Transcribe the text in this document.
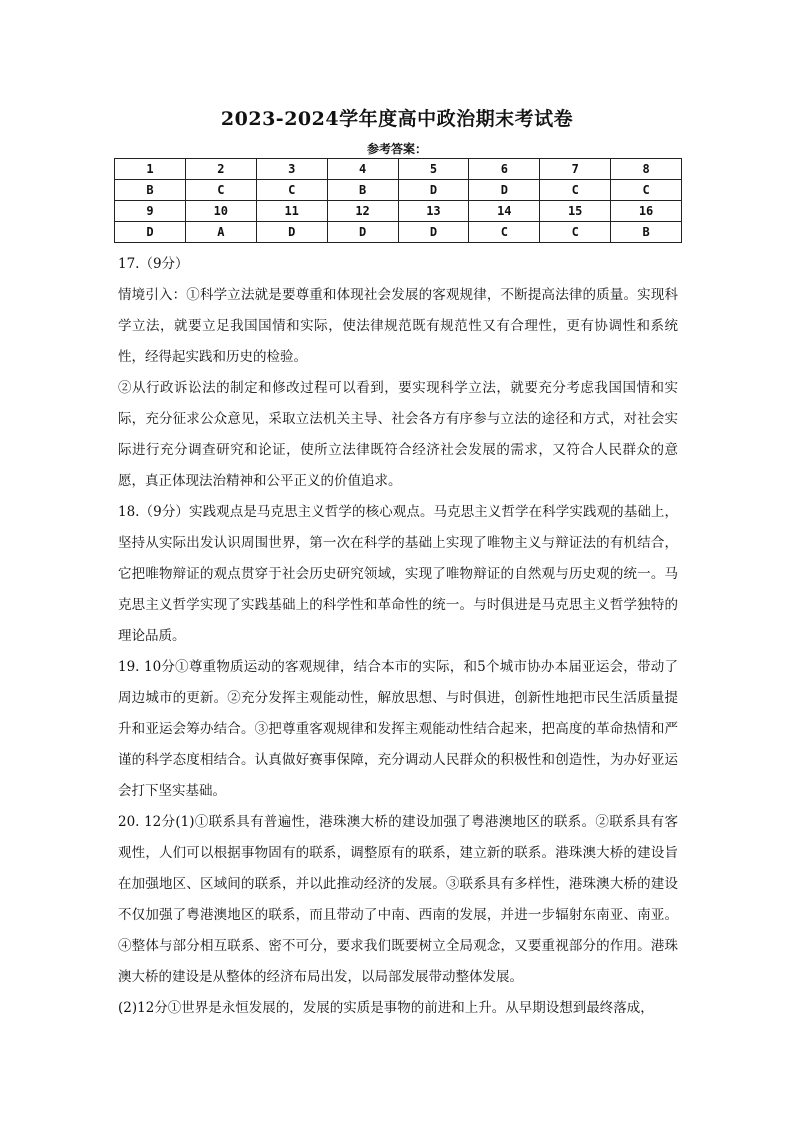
2023-2024学年度高中政治期末考试卷
参考答案：
1	2	3	4	5	6	7	8
B	C	C	B	D	D	C	C
9	10	11	12	13	14	15	16
D	A	D	D	D	C	C	B

17.（9分）

情境引入：①科学立法就是要尊重和体现社会发展的客观规律，不断提高法律的质量。实现科学立法，就要立足我国国情和实际，使法律规范既有规范性又有合理性，更有协调性和系统性，经得起实践和历史的检验。

②从行政诉讼法的制定和修改过程可以看到，要实现科学立法，就要充分考虑我国国情和实际，充分征求公众意见，采取立法机关主导、社会各方有序参与立法的途径和方式，对社会实际进行充分调查研究和论证，使所立法律既符合经济社会发展的需求，又符合人民群众的意愿，真正体现法治精神和公平正义的价值追求。

18.（9分）实践观点是马克思主义哲学的核心观点。马克思主义哲学在科学实践观的基础上，坚持从实际出发认识周围世界，第一次在科学的基础上实现了唯物主义与辩证法的有机结合，它把唯物辩证的观点贯穿于社会历史研究领域，实现了唯物辩证的自然观与历史观的统一。马克思主义哲学实现了实践基础上的科学性和革命性的统一。与时俱进是马克思主义哲学独特的理论品质。

19. 10分①尊重物质运动的客观规律，结合本市的实际，和5个城市协办本届亚运会，带动了周边城市的更新。②充分发挥主观能动性，解放思想、与时俱进，创新性地把市民生活质量提升和亚运会筹办结合。③把尊重客观规律和发挥主观能动性结合起来，把高度的革命热情和严谨的科学态度相结合。认真做好赛事保障，充分调动人民群众的积极性和创造性，为办好亚运会打下坚实基础。

20. 12分(1)①联系具有普遍性，港珠澳大桥的建设加强了粤港澳地区的联系。②联系具有客观性，人们可以根据事物固有的联系，调整原有的联系，建立新的联系。港珠澳大桥的建设旨在加强地区、区域间的联系，并以此推动经济的发展。③联系具有多样性，港珠澳大桥的建设不仅加强了粤港澳地区的联系，而且带动了中南、西南的发展，并进一步辐射东南亚、南亚。④整体与部分相互联系、密不可分，要求我们既要树立全局观念，又要重视部分的作用。港珠澳大桥的建设是从整体的经济布局出发，以局部发展带动整体发展。

(2)12分①世界是永恒发展的，发展的实质是事物的前进和上升。从早期设想到最终落成，
